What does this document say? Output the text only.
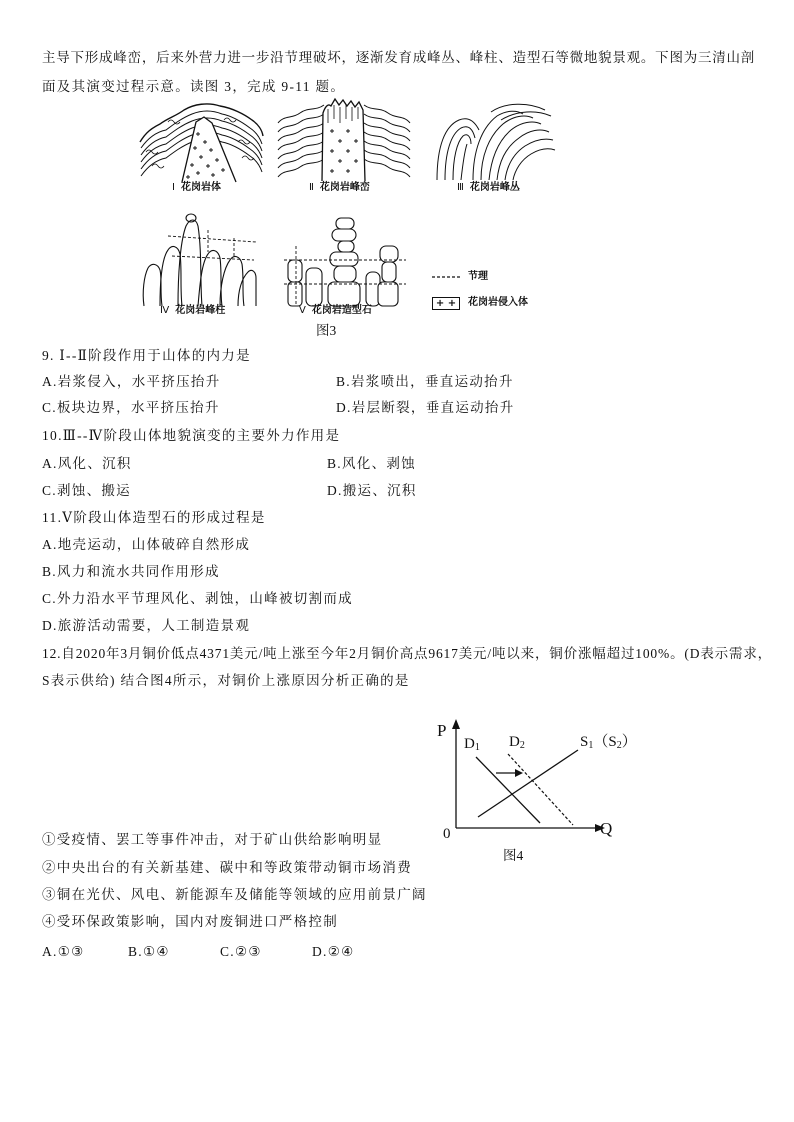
主导下形成峰峦，后来外营力进一步沿节理破坏，逐渐发育成峰丛、峰柱、造型石等微地貌景观。下图为三清山剖
面及其演变过程示意。读图 3，完成 9-11 题。
Ⅰ 花岗岩体	Ⅱ 花岗岩峰峦	Ⅲ 花岗岩峰丛
Ⅳ 花岗岩峰柱	Ⅴ 花岗岩造型石
节理
+ +	花岗岩侵入体
图3
9. Ⅰ--Ⅱ阶段作用于山体的内力是
A.岩浆侵入，水平挤压抬升	B.岩浆喷出，垂直运动抬升
C.板块边界，水平挤压抬升	D.岩层断裂，垂直运动抬升
10.Ⅲ--Ⅳ阶段山体地貌演变的主要外力作用是
A.风化、沉积	B.风化、剥蚀
C.剥蚀、搬运	D.搬运、沉积
11.Ⅴ阶段山体造型石的形成过程是
A.地壳运动，山体破碎自然形成
B.风力和流水共同作用形成
C.外力沿水平节理风化、剥蚀，山峰被切割而成
D.旅游活动需要，人工制造景观
12.自2020年3月铜价低点4371美元/吨上涨至今年2月铜价高点9617美元/吨以来，铜价涨幅超过100%。(D表示需求，
S表示供给) 结合图4所示，对铜价上涨原因分析正确的是
P
0	Q
$D_1$ $D_2$	$S_1(S_2)$
图4
①受疫情、罢工等事件冲击，对于矿山供给影响明显
②中央出台的有关新基建、碳中和等政策带动铜市场消费
③铜在光伏、风电、新能源车及储能等领域的应用前景广阔
④受环保政策影响，国内对废铜进口严格控制
A.①③	B.①④	C.②③	D.②④
